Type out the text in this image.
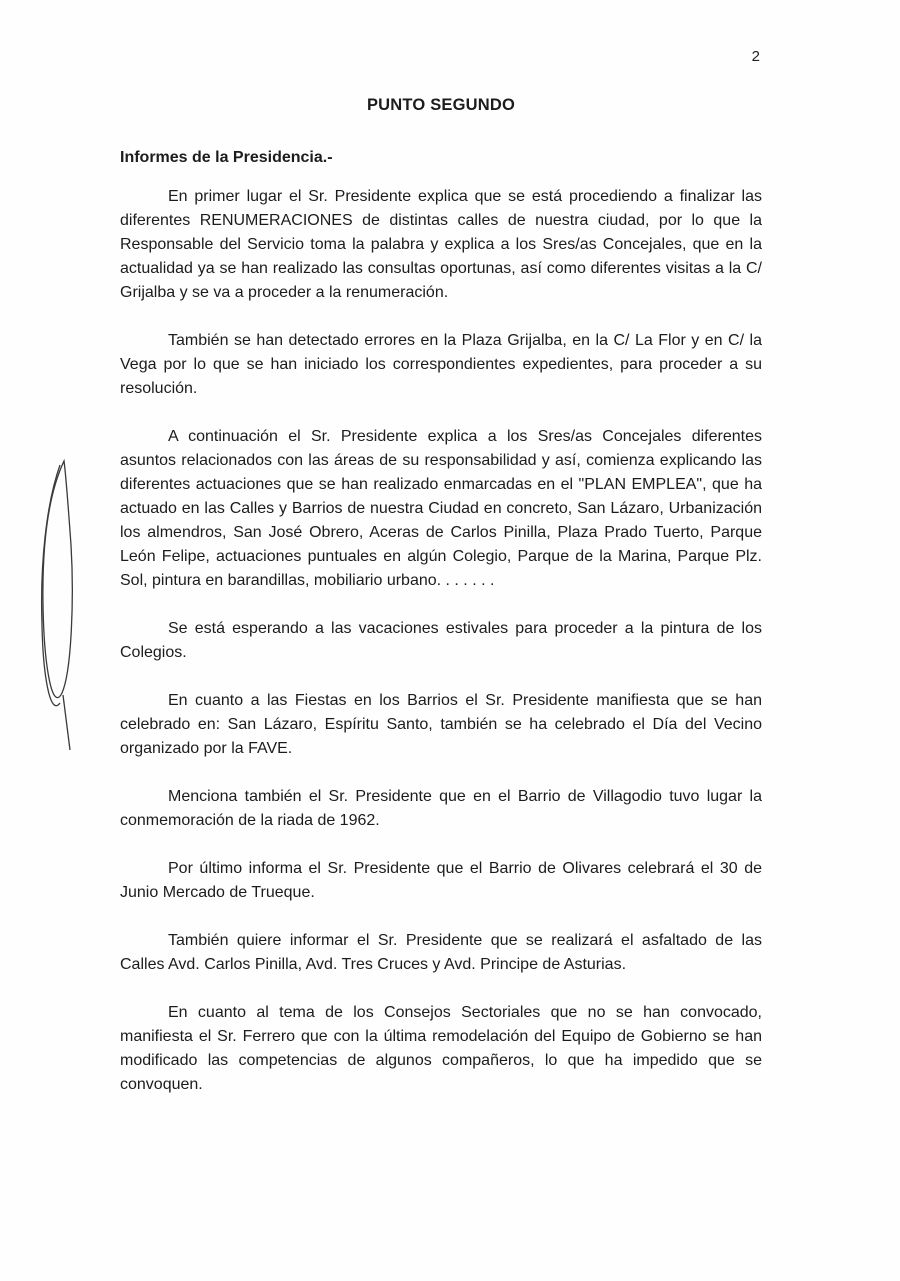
2
PUNTO SEGUNDO
Informes de la Presidencia.-

En primer lugar el Sr. Presidente explica que se está procediendo a finalizar las diferentes RENUMERACIONES de distintas calles de nuestra ciudad, por lo que la Responsable del Servicio toma la palabra y explica a los Sres/as Concejales, que en la actualidad ya se han realizado las consultas oportunas, así como diferentes visitas a la C/ Grijalba y se va a proceder a la renumeración.

También se han detectado errores en la Plaza Grijalba, en la C/ La Flor y en C/ la Vega por lo que se han iniciado los correspondientes expedientes, para proceder a su resolución.

A continuación el Sr. Presidente explica a los Sres/as Concejales diferentes asuntos relacionados con las áreas de su responsabilidad y así, comienza explicando las diferentes actuaciones que se han realizado enmarcadas en el "PLAN EMPLEA", que ha actuado en las Calles y Barrios de nuestra Ciudad en concreto, San Lázaro, Urbanización los almendros, San José Obrero, Aceras de Carlos Pinilla, Plaza Prado Tuerto, Parque León Felipe, actuaciones puntuales en algún Colegio, Parque de la Marina, Parque Plz. Sol, pintura en barandillas, mobiliario urbano. . . . . . .

Se está esperando a las vacaciones estivales para proceder a la pintura de los Colegios.

En cuanto a las Fiestas en los Barrios el Sr. Presidente manifiesta que se han celebrado en: San Lázaro, Espíritu Santo, también se ha celebrado el Día del Vecino organizado por la FAVE.

Menciona también el Sr. Presidente que en el Barrio de Villagodio tuvo lugar la conmemoración de la riada de 1962.

Por último informa el Sr. Presidente que el Barrio de Olivares celebrará el 30 de Junio Mercado de Trueque.

También quiere informar el Sr. Presidente que se realizará el asfaltado de las Calles Avd. Carlos Pinilla, Avd. Tres Cruces y Avd. Principe de Asturias.

En cuanto al tema de los Consejos Sectoriales que no se han convocado, manifiesta el Sr. Ferrero que con la última remodelación del Equipo de Gobierno se han modificado las competencias de algunos compañeros, lo que ha impedido que se convoquen.
